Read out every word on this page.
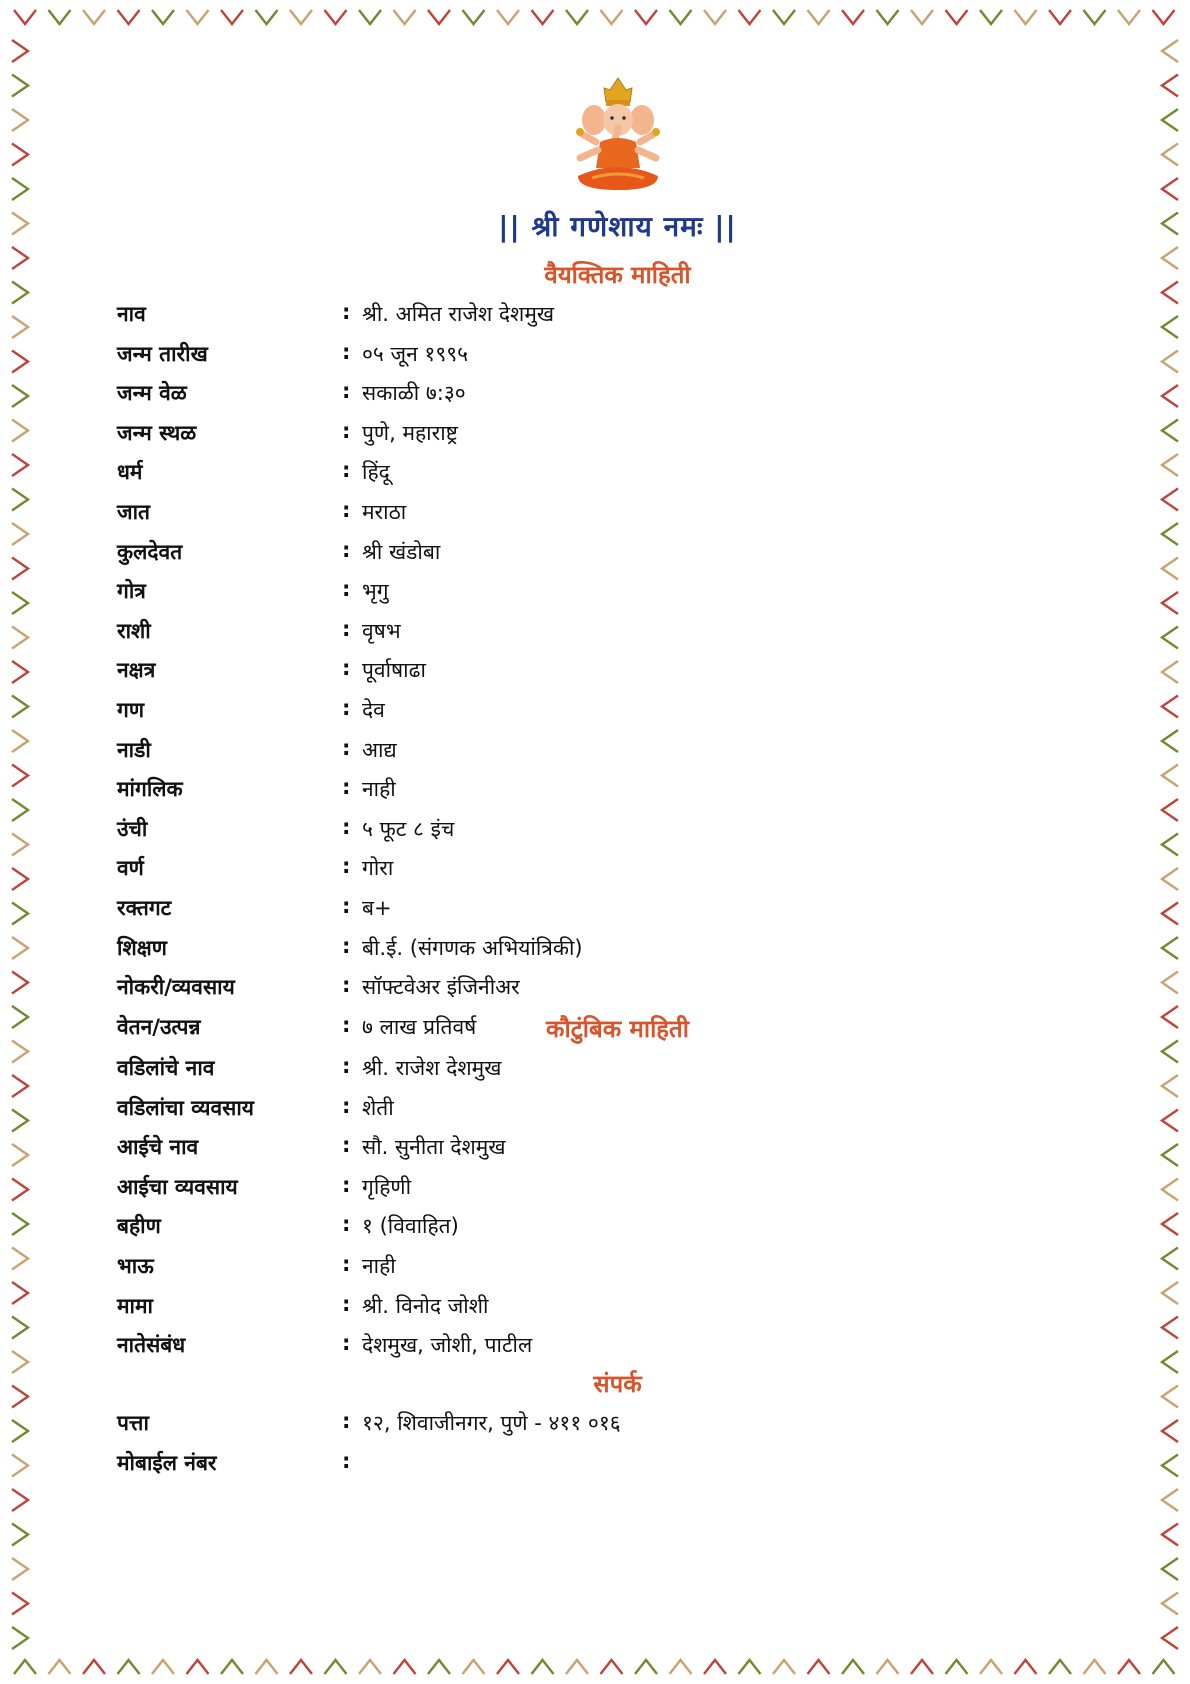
|| श्री गणेशाय नमः ||
वैयक्तिक माहिती
नाव	: श्री. अमित राजेश देशमुख
जन्म तारीख	: ०५ जून १९९५
जन्म वेळ	: सकाळी ७:३०
जन्म स्थळ	: पुणे, महाराष्ट्र
धर्म	: हिंदू
जात	: मराठा
कुलदेवत	: श्री खंडोबा
गोत्र	: भृगु
राशी	: वृषभ
नक्षत्र	: पूर्वाषाढा
गण	: देव
नाडी	: आद्य
मांगलिक	: नाही
उंची	: ५ फूट ८ इंच
वर्ण	: गोरा
रक्तगट	: ब+
शिक्षण	: बी.ई. (संगणक अभियांत्रिकी)
नोकरी/व्यवसाय	: सॉफ्टवेअर इंजिनीअर
वेतन/उत्पन्न	: ७ लाख प्रतिवर्ष	कौटुंबिक माहिती
वडिलांचे नाव	: श्री. राजेश देशमुख
वडिलांचा व्यवसाय	: शेती
आईचे नाव	: सौ. सुनीता देशमुख
आईचा व्यवसाय	: गृहिणी
बहीण	: १ (विवाहित)
भाऊ	: नाही
मामा	: श्री. विनोद जोशी
नातेसंबंध	: देशमुख, जोशी, पाटील
संपर्क
पत्ता	: १२, शिवाजीनगर, पुणे - ४११ ०१६
मोबाईल नंबर	:
